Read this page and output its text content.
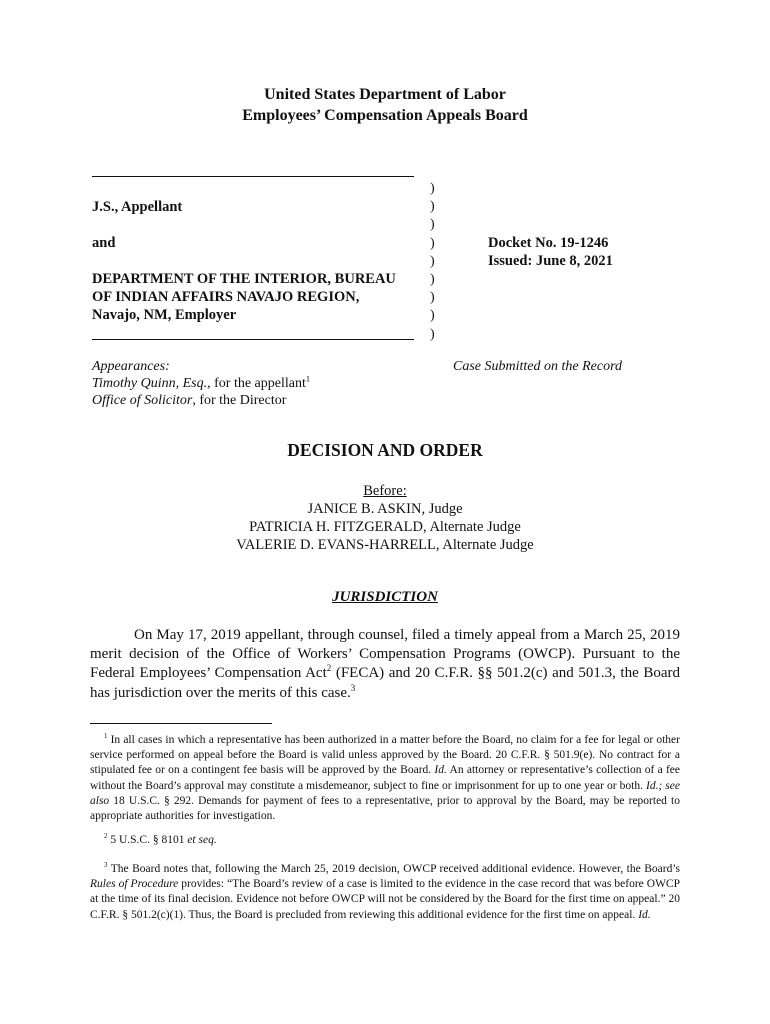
United States Department of Labor
Employees’ Compensation Appeals Board
J.S., Appellant
and
DEPARTMENT OF THE INTERIOR, BUREAU
OF INDIAN AFFAIRS NAVAJO REGION,
Navajo, NM, Employer
)
)
)
)
)
)
)
)
)
Docket No. 19-1246
Issued: June 8, 2021
Appearances:
Timothy Quinn, Esq., for the appellant$^1$
Office of Solicitor, for the Director
Case Submitted on the Record
DECISION AND ORDER
Before:
JANICE B. ASKIN, Judge
PATRICIA H. FITZGERALD, Alternate Judge
VALERIE D. EVANS-HARRELL, Alternate Judge
JURISDICTION
On May 17, 2019 appellant, through counsel, filed a timely appeal from a March 25, 2019 merit decision of the Office of Workers’ Compensation Programs (OWCP). Pursuant to the Federal Employees’ Compensation Act$^2$ (FECA) and 20 C.F.R. §§ 501.2(c) and 501.3, the Board has jurisdiction over the merits of this case.$^3$
$^1$ In all cases in which a representative has been authorized in a matter before the Board, no claim for a fee for legal or other service performed on appeal before the Board is valid unless approved by the Board. 20 C.F.R. § 501.9(e). No contract for a stipulated fee or on a contingent fee basis will be approved by the Board. Id. An attorney or representative’s collection of a fee without the Board’s approval may constitute a misdemeanor, subject to fine or imprisonment for up to one year or both. Id.; see also 18 U.S.C. § 292. Demands for payment of fees to a representative, prior to approval by the Board, may be reported to appropriate authorities for investigation.
$^2$ 5 U.S.C. § 8101 et seq.
$^3$ The Board notes that, following the March 25, 2019 decision, OWCP received additional evidence. However, the Board’s Rules of Procedure provides: “The Board’s review of a case is limited to the evidence in the case record that was before OWCP at the time of its final decision. Evidence not before OWCP will not be considered by the Board for the first time on appeal.” 20 C.F.R. § 501.2(c)(1). Thus, the Board is precluded from reviewing this additional evidence for the first time on appeal. Id.
